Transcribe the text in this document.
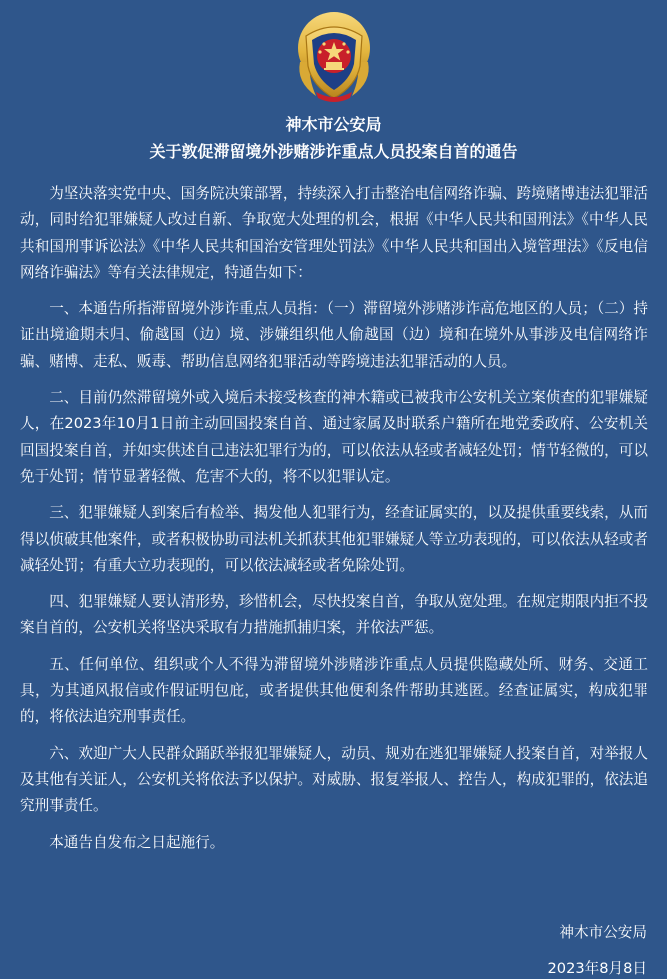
神木市公安局
关于敦促滞留境外涉赌涉诈重点人员投案自首的通告

为坚决落实党中央、国务院决策部署，持续深入打击整治电信网络诈骗、跨境赌博违法犯罪活动，同时给犯罪嫌疑人改过自新、争取宽大处理的机会，根据《中华人民共和国刑法》《中华人民共和国刑事诉讼法》《中华人民共和国治安管理处罚法》《中华人民共和国出入境管理法》《反电信网络诈骗法》等有关法律规定，特通告如下：

一、本通告所指滞留境外涉诈重点人员指：（一）滞留境外涉赌涉诈高危地区的人员；（二）持证出境逾期未归、偷越国（边）境、涉嫌组织他人偷越国（边）境和在境外从事涉及电信网络诈骗、赌博、走私、贩毒、帮助信息网络犯罪活动等跨境违法犯罪活动的人员。

二、目前仍然滞留境外或入境后未接受核查的神木籍或已被我市公安机关立案侦查的犯罪嫌疑人，在2023年10月1日前主动回国投案自首、通过家属及时联系户籍所在地党委政府、公安机关回国投案自首，并如实供述自己违法犯罪行为的，可以依法从轻或者减轻处罚；情节轻微的，可以免于处罚；情节显著轻微、危害不大的，将不以犯罪认定。

三、犯罪嫌疑人到案后有检举、揭发他人犯罪行为，经查证属实的，以及提供重要线索，从而得以侦破其他案件，或者积极协助司法机关抓获其他犯罪嫌疑人等立功表现的，可以依法从轻或者减轻处罚；有重大立功表现的，可以依法减轻或者免除处罚。

四、犯罪嫌疑人要认清形势，珍惜机会，尽快投案自首，争取从宽处理。在规定期限内拒不投案自首的，公安机关将坚决采取有力措施抓捕归案，并依法严惩。

五、任何单位、组织或个人不得为滞留境外涉赌涉诈重点人员提供隐藏处所、财务、交通工具，为其通风报信或作假证明包庇，或者提供其他便利条件帮助其逃匿。经查证属实，构成犯罪的，将依法追究刑事责任。

六、欢迎广大人民群众踊跃举报犯罪嫌疑人，动员、规劝在逃犯罪嫌疑人投案自首，对举报人及其他有关证人，公安机关将依法予以保护。对威胁、报复举报人、控告人，构成犯罪的，依法追究刑事责任。

本通告自发布之日起施行。

神木市公安局
2023年8月8日
